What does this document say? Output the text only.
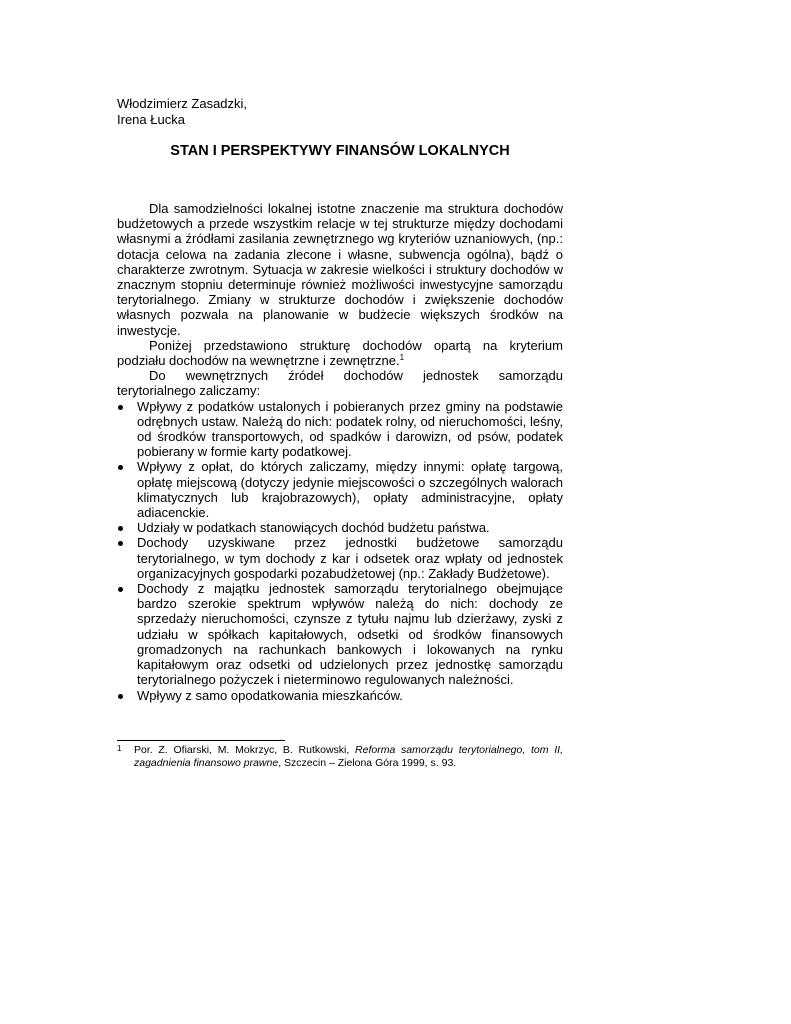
Włodzimierz Zasadzki,
Irena Łucka
STAN I PERSPEKTYWY FINANSÓW LOKALNYCH

Dla samodzielności lokalnej istotne znaczenie ma struktura dochodów budżetowych a przede wszystkim relacje w tej strukturze między dochodami własnymi a źródłami zasilania zewnętrznego wg kryteriów uznaniowych, (np.: dotacja celowa na zadania zlecone i własne, subwencja ogólna), bądź o charakterze zwrotnym. Sytuacja w zakresie wielkości i struktury dochodów w znacznym stopniu determinuje również możliwości inwestycyjne samorządu terytorialnego. Zmiany w strukturze dochodów i zwiększenie dochodów własnych pozwala na planowanie w budżecie większych środków na inwestycje.

Poniżej przedstawiono strukturę dochodów opartą na kryterium podziału dochodów na wewnętrzne i zewnętrzne.$^1$

Do wewnętrznych źródeł dochodów jednostek samorządu terytorialnego zaliczamy:

Wpływy z podatków ustalonych i pobieranych przez gminy na podstawie odrębnych ustaw. Należą do nich: podatek rolny, od nieruchomości, leśny, od środków transportowych, od spadków i darowizn, od psów, podatek pobierany w formie karty podatkowej.
Wpływy z opłat, do których zaliczamy, między innymi: opłatę targową, opłatę miejscową (dotyczy jedynie miejscowości o szczególnych walorach klimatycznych lub krajobrazowych), opłaty administracyjne, opłaty adiacenckie.
Udziały w podatkach stanowiących dochód budżetu państwa.
Dochody uzyskiwane przez jednostki budżetowe samorządu terytorialnego, w tym dochody z kar i odsetek oraz wpłaty od jednostek organizacyjnych gospodarki pozabudżetowej (np.: Zakłady Budżetowe).
Dochody z majątku jednostek samorządu terytorialnego obejmujące bardzo szerokie spektrum wpływów należą do nich: dochody ze sprzedaży nieruchomości, czynsze z tytułu najmu lub dzierżawy, zyski z udziału w spółkach kapitałowych, odsetki od środków finansowych gromadzonych na rachunkach bankowych i lokowanych na rynku kapitałowym oraz odsetki od udzielonych przez jednostkę samorządu terytorialnego pożyczek i nieterminowo regulowanych należności.
Wpływy z samo opodatkowania mieszkańców.
1 Por. Z. Ofiarski, M. Mokrzyc, B. Rutkowski, Reforma samorządu terytorialnego, tom II, zagadnienia finansowo prawne, Szczecin – Zielona Góra 1999, s. 93.
